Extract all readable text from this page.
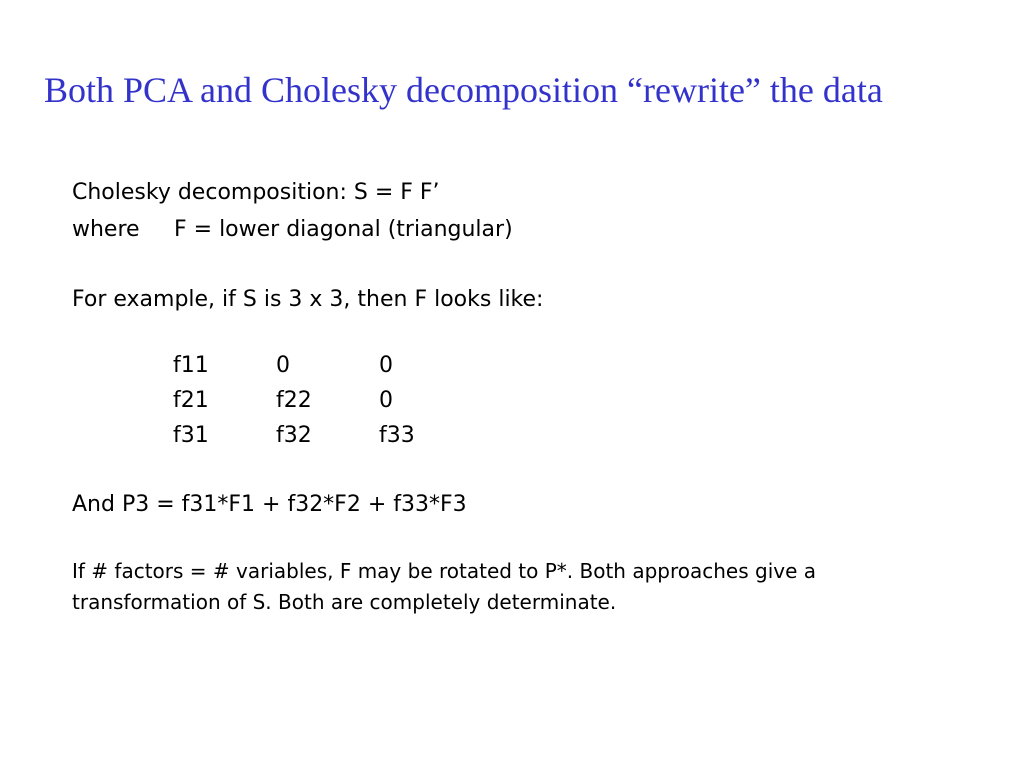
Both PCA and Cholesky decomposition “rewrite” the data
Cholesky decomposition: S = F F’
where F = lower diagonal (triangular)
For example, if S is 3 x 3, then F looks like:
f11	0	0
f21	f22	0
f31	f32	f33
And P3 = f31*F1 + f32*F2 + f33*F3
If # factors = # variables, F may be rotated to P*. Both approaches give a
transformation of S. Both are completely determinate.
